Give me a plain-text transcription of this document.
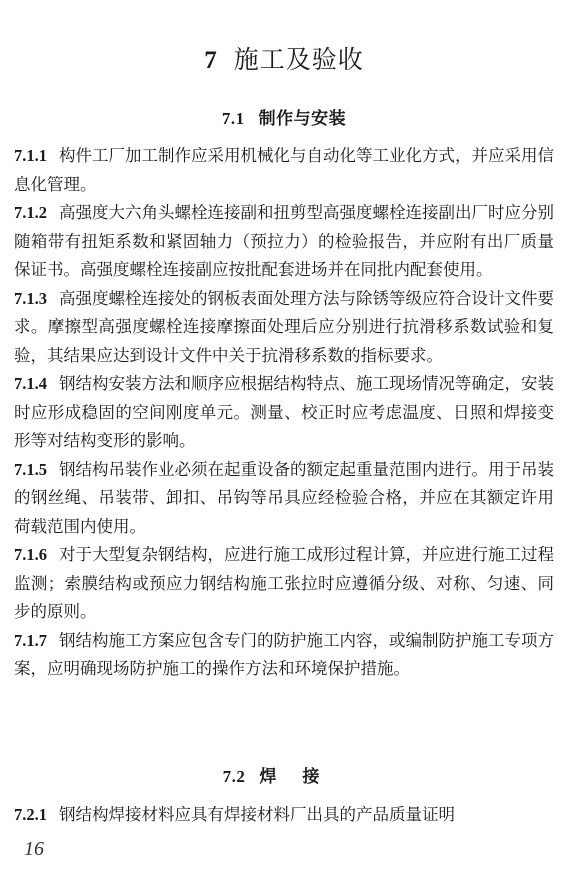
7 施工及验收
7.1 制作与安装

7.1.1 构件工厂加工制作应采用机械化与自动化等工业化方式，并应采用信息化管理。

7.1.2 高强度大六角头螺栓连接副和扭剪型高强度螺栓连接副出厂时应分别随箱带有扭矩系数和紧固轴力（预拉力）的检验报告，并应附有出厂质量保证书。高强度螺栓连接副应按批配套进场并在同批内配套使用。

7.1.3 高强度螺栓连接处的钢板表面处理方法与除锈等级应符合设计文件要求。摩擦型高强度螺栓连接摩擦面处理后应分别进行抗滑移系数试验和复验，其结果应达到设计文件中关于抗滑移系数的指标要求。

7.1.4 钢结构安装方法和顺序应根据结构特点、施工现场情况等确定，安装时应形成稳固的空间刚度单元。测量、校正时应考虑温度、日照和焊接变形等对结构变形的影响。

7.1.5 钢结构吊装作业必须在起重设备的额定起重量范围内进行。用于吊装的钢丝绳、吊装带、卸扣、吊钩等吊具应经检验合格，并应在其额定许用荷载范围内使用。

7.1.6 对于大型复杂钢结构，应进行施工成形过程计算，并应进行施工过程监测；索膜结构或预应力钢结构施工张拉时应遵循分级、对称、匀速、同步的原则。

7.1.7 钢结构施工方案应包含专门的防护施工内容，或编制防护施工专项方案，应明确现场防护施工的操作方法和环境保护措施。

7.2 焊接

7.2.1 钢结构焊接材料应具有焊接材料厂出具的产品质量证明

16
